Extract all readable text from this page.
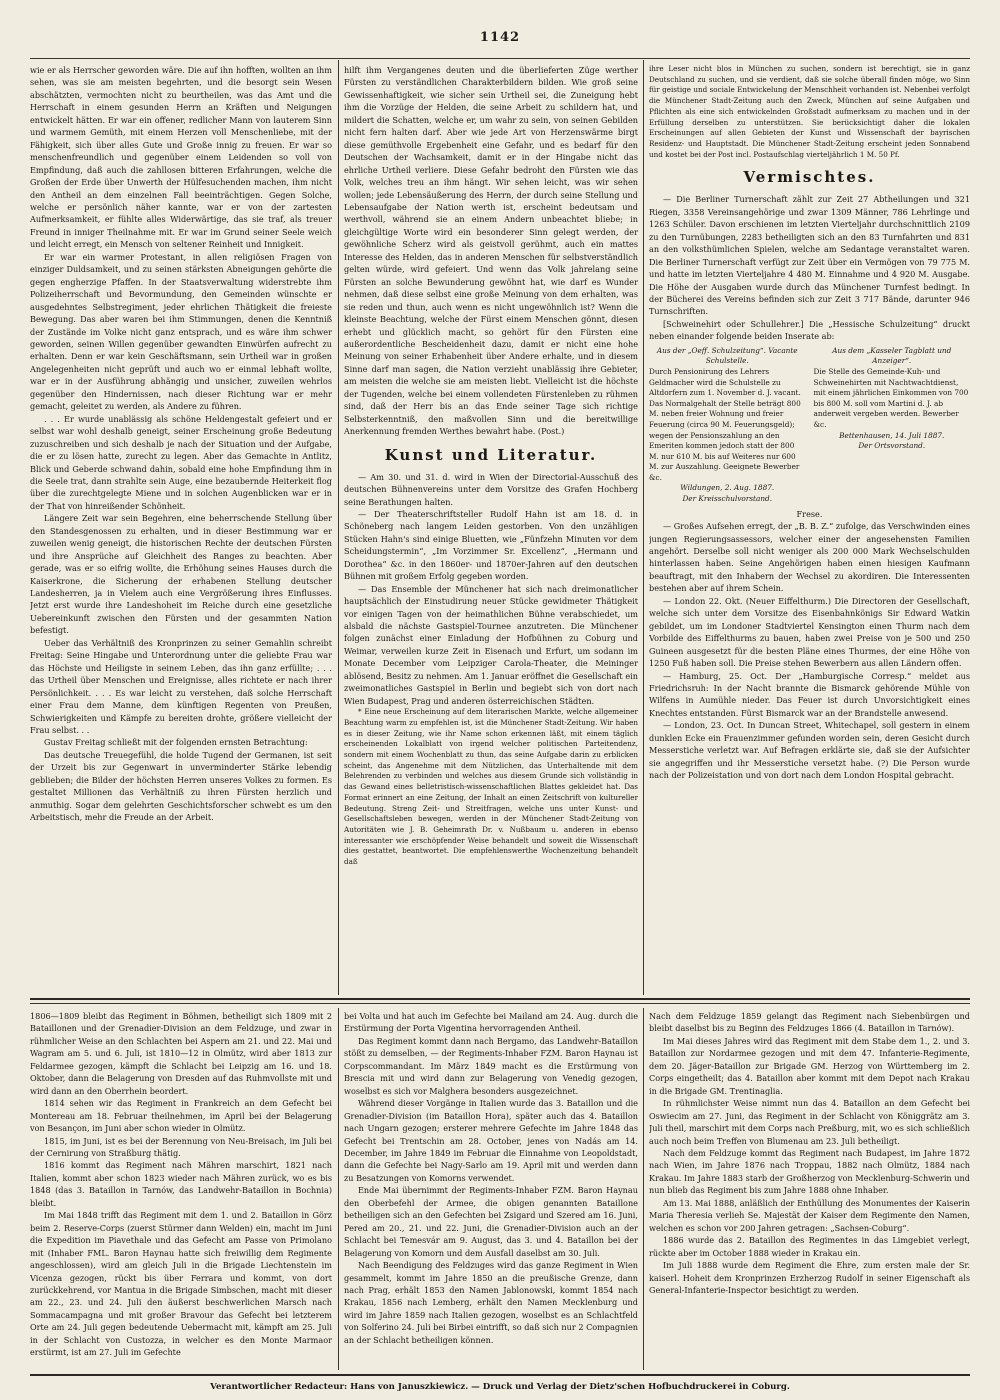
1142

wie er als Herrscher geworden wäre. Die auf ihn hofften, wollten an ihm sehen, was sie am meisten begehrten, und die besorgt sein Wesen abschätzten, vermochten nicht zu beurtheilen, was das Amt und die Herrschaft in einem gesunden Herrn an Kräften und Neigungen entwickelt hätten. Er war ein offener, redlicher Mann von lauterem Sinn und warmem Gemüth, mit einem Herzen voll Menschenliebe, mit der Fähigkeit, sich über alles Gute und Große innig zu freuen. Er war so menschenfreundlich und gegenüber einem Leidenden so voll von Empfindung, daß auch die zahllosen bitteren Erfahrungen, welche die Großen der Erde über Unwerth der Hülfesuchenden machen, ihm nicht den Antheil an dem einzelnen Fall beeinträchtigen. Gegen Solche, welche er persönlich näher kannte, war er von der zartesten Aufmerksamkeit, er fühlte alles Widerwärtige, das sie traf, als treuer Freund in inniger Theilnahme mit. Er war im Grund seiner Seele weich und leicht erregt, ein Mensch von seltener Reinheit und Innigkeit.

Er war ein warmer Protestant, in allen religiösen Fragen von einziger Duldsamkeit, und zu seinen stärksten Abneigungen gehörte die gegen engherzige Pfaffen. In der Staatsverwaltung widerstrebte ihm Polizeiherrschaft und Bevormundung, den Gemeinden wünschte er ausgedehntes Selbstregiment, jeder ehrlichen Thätigkeit die freieste Bewegung. Das aber waren bei ihm Stimmungen, denen die Kenntniß der Zustände im Volke nicht ganz entsprach, und es wäre ihm schwer geworden, seinen Willen gegenüber gewandten Einwürfen aufrecht zu erhalten. Denn er war kein Geschäftsmann, sein Urtheil war in großen Angelegenheiten nicht geprüft und auch wo er einmal lebhaft wollte, war er in der Ausführung abhängig und unsicher, zuweilen wehrlos gegenüber den Hindernissen, nach dieser Richtung war er mehr gemacht, geleitet zu werden, als Andere zu führen.

. . . Er wurde unablässig als schöne Heldengestalt gefeiert und er selbst war wohl deshalb geneigt, seiner Erscheinung große Bedeutung zuzuschreiben und sich deshalb je nach der Situation und der Aufgabe, die er zu lösen hatte, zurecht zu legen. Aber das Gemachte in Antlitz, Blick und Geberde schwand dahin, sobald eine hohe Empfindung ihm in die Seele trat, dann strahlte sein Auge, eine bezaubernde Heiterkeit flog über die zurechtgelegte Miene und in solchen Augenblicken war er in der That von hinreißender Schönheit.

Längere Zeit war sein Begehren, eine beherrschende Stellung über den Standesgenossen zu erhalten, und in dieser Bestimmung war er zuweilen wenig geneigt, die historischen Rechte der deutschen Fürsten und ihre Ansprüche auf Gleichheit des Ranges zu beachten. Aber gerade, was er so eifrig wollte, die Erhöhung seines Hauses durch die Kaiserkrone, die Sicherung der erhabenen Stellung deutscher Landesherren, ja in Vielem auch eine Vergrößerung ihres Einflusses. Jetzt erst wurde ihre Landeshoheit im Reiche durch eine gesetzliche Uebereinkunft zwischen den Fürsten und der gesammten Nation befestigt.

Ueber das Verhältniß des Kronprinzen zu seiner Gemahlin schreibt Freitag: Seine Hingabe und Unterordnung unter die geliebte Frau war das Höchste und Heiligste in seinem Leben, das ihn ganz erfüllte; . . . das Urtheil über Menschen und Ereignisse, alles richtete er nach ihrer Persönlichkeit. . . . Es war leicht zu verstehen, daß solche Herrschaft einer Frau dem Manne, dem künftigen Regenten von Preußen, Schwierigkeiten und Kämpfe zu bereiten drohte, größere vielleicht der Frau selbst. . .

Gustav Freitag schließt mit der folgenden ernsten Betrachtung:

Das deutsche Treuegefühl, die holde Tugend der Germanen, ist seit der Urzeit bis zur Gegenwart in unverminderter Stärke lebendig geblieben; die Bilder der höchsten Herren unseres Volkes zu formen. Es gestaltet Millionen das Verhältniß zu ihren Fürsten herzlich und anmuthig. Sogar dem gelehrten Geschichtsforscher schwebt es um den Arbeitstisch, mehr die Freude an der Arbeit.

hilft ihm Vergangenes deuten und die überlieferten Züge werther Fürsten zu verständlichen Charakterbildern bilden. Wie groß seine Gewissenhaftigkeit, wie sicher sein Urtheil sei, die Zuneigung hebt ihm die Vorzüge der Helden, die seine Arbeit zu schildern hat, und mildert die Schatten, welche er, um wahr zu sein, von seinen Gebilden nicht fern halten darf. Aber wie jede Art von Herzenswärme birgt diese gemüthvolle Ergebenheit eine Gefahr, und es bedarf für den Deutschen der Wachsamkeit, damit er in der Hingabe nicht das ehrliche Urtheil verliere. Diese Gefahr bedroht den Fürsten wie das Volk, welches treu an ihm hängt. Wir sehen leicht, was wir sehen wollen; jede Lebensäußerung des Herrn, der durch seine Stellung und Lebensaufgabe der Nation werth ist, erscheint bedeutsam und werthvoll, während sie an einem Andern unbeachtet bliebe; in gleichgültige Worte wird ein besonderer Sinn gelegt werden, der gewöhnliche Scherz wird als geistvoll gerühmt, auch ein mattes Interesse des Helden, das in anderen Menschen für selbstverständlich gelten würde, wird gefeiert. Und wenn das Volk jahrelang seine Fürsten an solche Bewunderung gewöhnt hat, wie darf es Wunder nehmen, daß diese selbst eine große Meinung von dem erhalten, was sie reden und thun, auch wenn es nicht ungewöhnlich ist? Wenn die kleinste Beachtung, welche der Fürst einem Menschen gönnt, diesen erhebt und glücklich macht, so gehört für den Fürsten eine außerordentliche Bescheidenheit dazu, damit er nicht eine hohe Meinung von seiner Erhabenheit über Andere erhalte, und in diesem Sinne darf man sagen, die Nation verzieht unablässig ihre Gebieter, am meisten die welche sie am meisten liebt. Vielleicht ist die höchste der Tugenden, welche bei einem vollendeten Fürstenleben zu rühmen sind, daß der Herr bis an das Ende seiner Tage sich richtige Selbsterkenntniß, den maßvollen Sinn und die bereitwillige Anerkennung fremden Werthes bewahrt habe. (Post.)

Kunst und Literatur.

— Am 30. und 31. d. wird in Wien der Directorial-Ausschuß des deutschen Bühnenvereins unter dem Vorsitze des Grafen Hochberg seine Berathungen halten.

— Der Theaterschriftsteller Rudolf Hahn ist am 18. d. in Schöneberg nach langem Leiden gestorben. Von den unzähligen Stücken Hahn's sind einige Bluetten, wie „Fünfzehn Minuten vor dem Scheidungstermin“, „Im Vorzimmer Sr. Excellenz“, „Hermann und Dorothea“ &c. in den 1860er- und 1870er-Jahren auf den deutschen Bühnen mit großem Erfolg gegeben worden.

— Das Ensemble der Münchener hat sich nach dreimonatlicher hauptsächlich der Einstudirung neuer Stücke gewidmeter Thätigkeit vor einigen Tagen von der heimathlichen Bühne verabschiedet, um alsbald die nächste Gastspiel-Tournee anzutreten. Die Münchener folgen zunächst einer Einladung der Hofbühnen zu Coburg und Weimar, verweilen kurze Zeit in Eisenach und Erfurt, um sodann im Monate December vom Leipziger Carola-Theater, die Meininger ablösend, Besitz zu nehmen. Am 1. Januar eröffnet die Gesellschaft ein zweimonatliches Gastspiel in Berlin und begiebt sich von dort nach Wien Budapest, Prag und anderen österreichischen Städten.

* Eine neue Erscheinung auf dem literarischen Markte, welche allgemeiner Beachtung warm zu empfehlen ist, ist die Münchener Stadt-Zeitung. Wir haben es in dieser Zeitung, wie ihr Name schon erkennen läßt, mit einem täglich erscheinenden Lokalblatt von irgend welcher politischen Parteitendenz, sondern mit einem Wochenblatt zu thun, das seine Aufgabe darin zu erblicken scheint, das Angenehme mit dem Nützlichen, das Unterhaltende mit dem Belehrenden zu verbinden und welches aus diesem Grunde sich vollständig in das Gewand eines belletristisch-wissenschaftlichen Blattes gekleidet hat. Das Format erinnert an eine Zeitung, der Inhalt an einen Zeitschrift von kultureller Bedeutung. Streng Zeit- und Streitfragen, welche uns unter Kunst- und Gesellschaftsleben bewegen, werden in der Münchener Stadt-Zeitung von Autoritäten wie J. B. Geheimrath Dr. v. Nußbaum u. anderen in ebenso interessanter wie erschöpfender Weise behandelt und soweit die Wissenschaft dies gestattet, beantwortet. Die empfehlenswerthe Wochenzeitung behandelt daß

ihre Leser nicht blos in München zu suchen, sondern ist berechtigt, sie in ganz Deutschland zu suchen, und sie verdient, daß sie solche überall finden möge, wo Sinn für geistige und sociale Entwickelung der Menschheit vorhanden ist. Nebenbei verfolgt die Münchener Stadt-Zeitung auch den Zweck, München auf seine Aufgaben und Pflichten als eine sich entwickelnden Großstadt aufmerksam zu machen und in der Erfüllung derselben zu unterstützen. Sie berücksichtigt daher die lokalen Erscheinungen auf allen Gebieten der Kunst und Wissenschaft der bayrischen Residenz- und Hauptstadt. Die Münchener Stadt-Zeitung erscheint jeden Sonnabend und kostet bei der Post incl. Postaufschlag vierteljährlich 1 M. 50 Pf.

Vermischtes.

— Die Berliner Turnerschaft zählt zur Zeit 27 Abtheilungen und 321 Riegen, 3358 Vereinsangehörige und zwar 1309 Männer, 786 Lehrlinge und 1263 Schüler. Davon erschienen im letzten Vierteljahr durchschnittlich 2109 zu den Turnübungen, 2283 betheiligten sich an den 83 Turnfahrten und 831 an den volksthümlichen Spielen, welche am Sedantage veranstaltet waren. Die Berliner Turnerschaft verfügt zur Zeit über ein Vermögen von 79 775 M. und hatte im letzten Vierteljahre 4 480 M. Einnahme und 4 920 M. Ausgabe. Die Höhe der Ausgaben wurde durch das Münchener Turnfest bedingt. In der Bücherei des Vereins befinden sich zur Zeit 3 717 Bände, darunter 946 Turnschriften.

[Schweinehirt oder Schullehrer.] Die „Hessische Schulzeitung“ druckt neben einander folgende beiden Inserate ab:

Aus der „Oeff. Schulzeitung“. Vacante Schulstelle.
Durch Pensionirung des Lehrers Geldmacher wird die Schulstelle zu Altdorfern zum 1. November d. J. vacant. Das Normalgehalt der Stelle beträgt 800 M. neben freier Wohnung und freier Feuerung (circa 90 M. Feuerungsgeld); wegen der Pensionszahlung an den Emeriten kommen jedoch statt der 800 M. nur 610 M. bis auf Weiteres nur 600 M. zur Auszahlung. Geeignete Bewerber &c.
Wildungen, 2. Aug. 1887.
Der Kreisschulvorstand.
Aus dem „Kasseler Tagblatt und Anzeiger“.
Die Stelle des Gemeinde-Kuh- und Schweinehirten mit Nachtwachtdienst, mit einem jährlichen Einkommen von 700 bis 800 M. soll vom Martini d. J. ab anderweit vergeben werden. Bewerber &c.
Bettenhausen, 14. Juli 1887.
Der Ortsvorstand.

Frese.

— Großes Aufsehen erregt, der „B. B. Z.“ zufolge, das Verschwinden eines jungen Regierungsassessors, welcher einer der angesehensten Familien angehört. Derselbe soll nicht weniger als 200 000 Mark Wechselschulden hinterlassen haben. Seine Angehörigen haben einen hiesigen Kaufmann beauftragt, mit den Inhabern der Wechsel zu akordiren. Die Interessenten bestehen aber auf ihrem Schein.

— London 22. Okt. (Neuer Eiffelthurm.) Die Directoren der Gesellschaft, welche sich unter dem Vorsitze des Eisenbahnkönigs Sir Edward Watkin gebildet, um im Londoner Stadtviertel Kensington einen Thurm nach dem Vorbilde des Eiffelthurms zu bauen, haben zwei Preise von je 500 und 250 Guineen ausgesetzt für die besten Pläne eines Thurmes, der eine Höhe von 1250 Fuß haben soll. Die Preise stehen Bewerbern aus allen Ländern offen.

— Hamburg, 25. Oct. Der „Hamburgische Corresp.“ meldet aus Friedrichsruh: In der Nacht brannte die Bismarck gehörende Mühle von Wilfens in Aumühle nieder. Das Feuer ist durch Unvorsichtigkeit eines Knechtes entstanden. Fürst Bismarck war an der Brandstelle anwesend.

— London, 23. Oct. In Duncan Street, Whitechapel, soll gestern in einem dunklen Ecke ein Frauenzimmer gefunden worden sein, deren Gesicht durch Messerstiche verletzt war. Auf Befragen erklärte sie, daß sie der Aufsichter sie angegriffen und ihr Messerstiche versetzt habe. (?) Die Person wurde nach der Polizeistation und von dort nach dem London Hospital gebracht.

1806—1809 bleibt das Regiment in Böhmen, betheiligt sich 1809 mit 2 Bataillonen und der Grenadier-Division an dem Feldzuge, und zwar in rühmlicher Weise an den Schlachten bei Aspern am 21. und 22. Mai und Wagram am 5. und 6. Juli, ist 1810—12 in Olmütz, wird aber 1813 zur Feldarmee gezogen, kämpft die Schlacht bei Leipzig am 16. und 18. Oktober, dann die Belagerung von Dresden auf das Ruhmvollste mit und wird dann an den Oberrhein beordert.

1814 sehen wir das Regiment in Frankreich an dem Gefecht bei Montereau am 18. Februar theilnehmen, im April bei der Belagerung von Besançon, im Juni aber schon wieder in Olmütz.

1815, im Juni, ist es bei der Berennung von Neu-Breisach, im Juli bei der Cernirung von Straßburg thätig.

1816 kommt das Regiment nach Mähren marschirt, 1821 nach Italien, kommt aber schon 1823 wieder nach Mähren zurück, wo es bis 1848 (das 3. Bataillon in Tarnów, das Landwehr-Bataillon in Bochnia) bleibt.

Im Mai 1848 trifft das Regiment mit dem 1. und 2. Bataillon in Görz beim 2. Reserve-Corps (zuerst Stürmer dann Welden) ein, macht im Juni die Expedition im Piavethale und das Gefecht am Passe von Primolano mit (Inhaber FML. Baron Haynau hatte sich freiwillig dem Regimente angeschlossen), wird am gleich Juli in die Brigade Liechtenstein im Vicenza gezogen, rückt bis über Ferrara und kommt, von dort zurückkehrend, vor Mantua in die Brigade Simbschen, macht mit dieser am 22., 23. und 24. Juli den äußerst beschwerlichen Marsch nach Sommacampagna und mit großer Bravour das Gefecht bei letzterem Orte am 24. Juli gegen bedeutende Uebermacht mit, kämpft am 25. Juli in der Schlacht von Custozza, in welcher es den Monte Marmaor erstürmt, ist am 27. Juli im Gefechte

bei Volta und hat auch im Gefechte bei Mailand am 24. Aug. durch die Erstürmung der Porta Vigentina hervorragenden Antheil.

Das Regiment kommt dann nach Bergamo, das Landwehr-Bataillon stößt zu demselben, — der Regiments-Inhaber FZM. Baron Haynau ist Corpscommandant. Im März 1849 macht es die Erstürmung von Brescia mit und wird dann zur Belagerung von Venedig gezogen, woselbst es sich vor Malghera besonders ausgezeichnet.

Während dieser Vorgänge in Italien wurde das 3. Bataillon und die Grenadier-Division (im Bataillon Hora), später auch das 4. Bataillon nach Ungarn gezogen; ersterer mehrere Gefechte im Jahre 1848 das Gefecht bei Trentschin am 28. October, jenes von Nadás am 14. December, im Jahre 1849 im Februar die Einnahme von Leopoldstadt, dann die Gefechte bei Nagy-Sarlo am 19. April mit und werden dann zu Besatzungen von Komorns verwendet.

Ende Mai übernimmt der Regiments-Inhaber FZM. Baron Haynau den Oberbefehl der Armee, die obigen genannten Bataillone betheiligen sich an den Gefechten bei Zsigard und Szered am 16. Juni, Pered am 20., 21. und 22. Juni, die Grenadier-Division auch an der Schlacht bei Temesvár am 9. August, das 3. und 4. Bataillon bei der Belagerung von Komorn und dem Ausfall daselbst am 30. Juli.

Nach Beendigung des Feldzuges wird das ganze Regiment in Wien gesammelt, kommt im Jahre 1850 an die preußische Grenze, dann nach Prag, erhält 1853 den Namen Jablonowski, kommt 1854 nach Krakau, 1856 nach Lemberg, erhält den Namen Mecklenburg und wird im Jahre 1859 nach Italien gezogen, woselbst es an Schlachtfeld von Solferino 24. Juli bei Birbei eintrifft, so daß sich nur 2 Compagnien an der Schlacht betheiligen können.

Nach dem Feldzuge 1859 gelangt das Regiment nach Siebenbürgen und bleibt daselbst bis zu Beginn des Feldzuges 1866 (4. Bataillon in Tarnów).

Im Mai dieses Jahres wird das Regiment mit dem Stabe dem 1., 2. und 3. Bataillon zur Nordarmee gezogen und mit dem 47. Infanterie-Regimente, dem 20. Jäger-Bataillon zur Brigade GM. Herzog von Württemberg im 2. Corps eingetheilt; das 4. Bataillon aber kommt mit dem Depot nach Krakau in die Brigade GM. Trentinaglia.

In rühmlichster Weise nimmt nun das 4. Bataillon an dem Gefecht bei Oswiecim am 27. Juni, das Regiment in der Schlacht von Königgrätz am 3. Juli theil, marschirt mit dem Corps nach Preßburg, mit, wo es sich schließlich auch noch beim Treffen von Blumenau am 23. Juli betheiligt.

Nach dem Feldzuge kommt das Regiment nach Budapest, im Jahre 1872 nach Wien, im Jahre 1876 nach Troppau, 1882 nach Olmütz, 1884 nach Krakau. Im Jahre 1883 starb der Großherzog von Mecklenburg-Schwerin und nun blieb das Regiment bis zum Jahre 1888 ohne Inhaber.

Am 13. Mai 1888, anläßlich der Enthüllung des Monumentes der Kaiserin Maria Theresia verlieh Se. Majestät der Kaiser dem Regimente den Namen, welchen es schon vor 200 Jahren getragen: „Sachsen-Coburg“.

1886 wurde das 2. Bataillon des Regimentes in das Limgebiet verlegt, rückte aber im October 1888 wieder in Krakau ein.

Im Juli 1888 wurde dem Regiment die Ehre, zum ersten male der Sr. kaiserl. Hoheit dem Kronprinzen Erzherzog Rudolf in seiner Eigenschaft als General-Infanterie-Inspector besichtigt zu werden.

Verantwortlicher Redacteur: Hans von Januszkiewicz. — Druck und Verlag der Dietz'schen Hofbuchdruckerei in Coburg.
